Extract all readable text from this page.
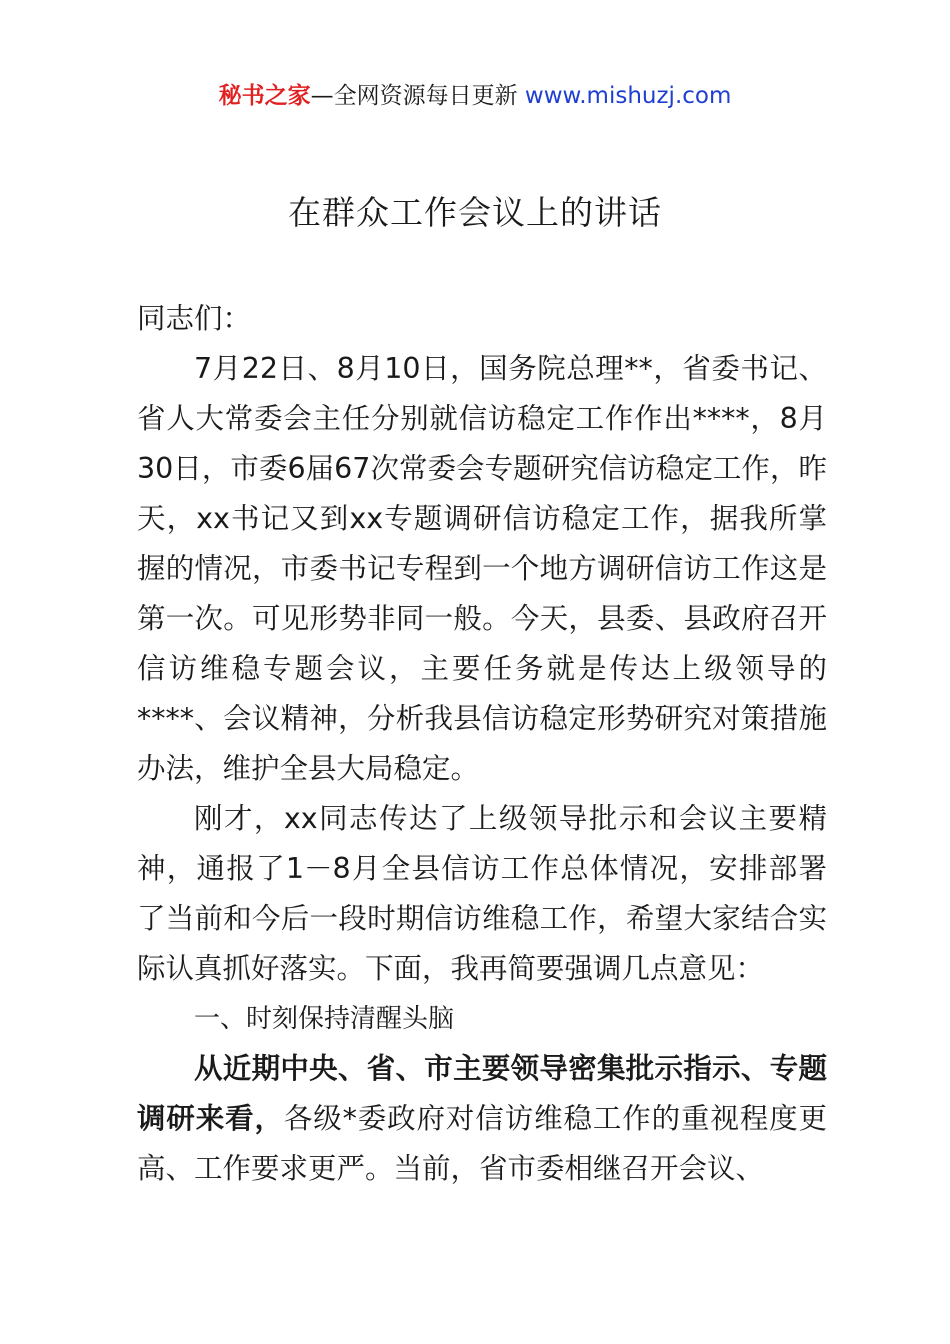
秘书之家—全网资源每日更新 www.mishuzj.com
在群众工作会议上的讲话

同志们：

7月22日、8月10日，国务院总理**，省委书记、省人大常委会主任分别就信访稳定工作作出****，8月30日，市委6届67次常委会专题研究信访稳定工作，昨天，xx书记又到xx专题调研信访稳定工作，据我所掌握的情况，市委书记专程到一个地方调研信访工作这是第一次。可见形势非同一般。今天，县委、县政府召开信访维稳专题会议，主要任务就是传达上级领导的****、会议精神，分析我县信访稳定形势研究对策措施办法，维护全县大局稳定。

刚才，xx同志传达了上级领导批示和会议主要精神，通报了1－8月全县信访工作总体情况，安排部署了当前和今后一段时期信访维稳工作，希望大家结合实际认真抓好落实。下面，我再简要强调几点意见：

一、时刻保持清醒头脑

从近期中央、省、市主要领导密集批示指示、专题调研来看，各级*委政府对信访维稳工作的重视程度更高、工作要求更严。当前，省市委相继召开会议、
